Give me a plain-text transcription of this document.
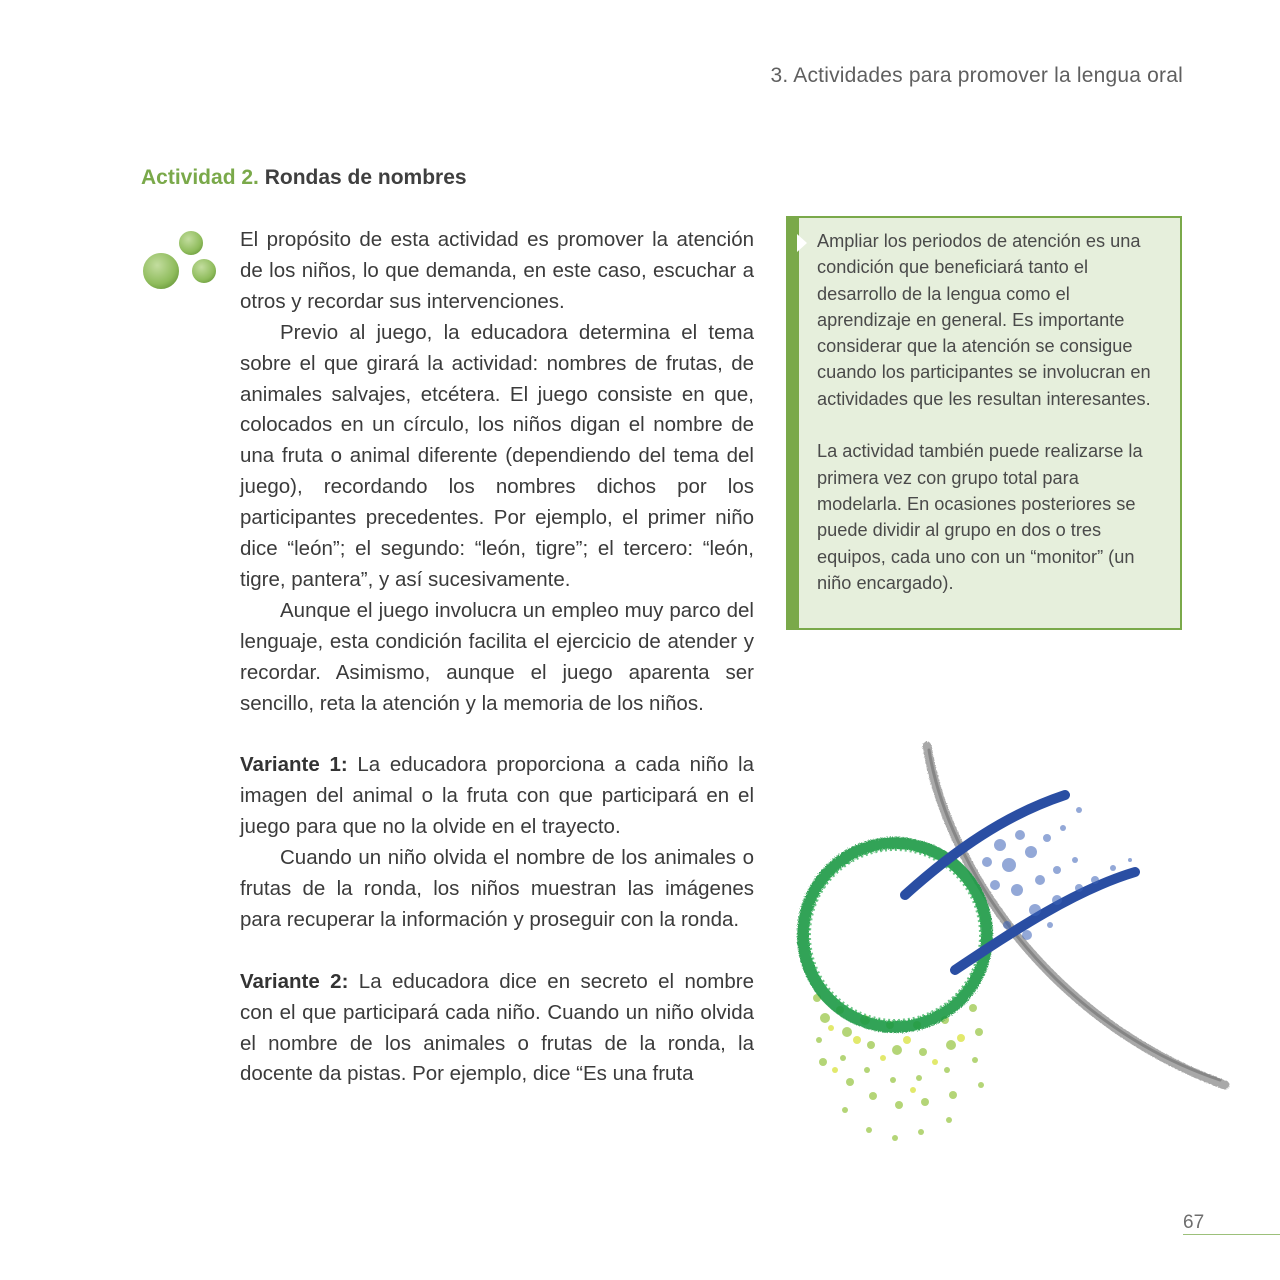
3. Actividades para promover la lengua oral
Actividad 2. Rondas de nombres

El propósito de esta actividad es promover la atención de los niños, lo que demanda, en este caso, escuchar a otros y recordar sus intervenciones.

Previo al juego, la educadora determina el tema sobre el que girará la actividad: nombres de frutas, de animales salvajes, etcétera. El juego consiste en que, colocados en un círculo, los niños digan el nombre de una fruta o animal diferente (dependiendo del tema del juego), recordando los nombres dichos por los participantes precedentes. Por ejemplo, el primer niño dice “león”; el segundo: “león, tigre”; el tercero: “león, tigre, pantera”, y así sucesivamente.

Aunque el juego involucra un empleo muy parco del lenguaje, esta condición facilita el ejercicio de atender y recordar. Asimismo, aunque el juego aparenta ser sencillo, reta la atención y la memoria de los niños.

Variante 1: La educadora proporciona a cada niño la imagen del animal o la fruta con que participará en el juego para que no la olvide en el trayecto.

Cuando un niño olvida el nombre de los animales o frutas de la ronda, los niños muestran las imágenes para recuperar la información y proseguir con la ronda.

Variante 2: La educadora dice en secreto el nombre con el que participará cada niño. Cuando un niño olvida el nombre de los animales o frutas de la ronda, la docente da pistas. Por ejemplo, dice “Es una fruta

Ampliar los periodos de atención es una condición que beneficiará tanto el desarrollo de la lengua como el aprendizaje en general. Es importante considerar que la atención se consigue cuando los participantes se involucran en actividades que les resultan interesantes.

La actividad también puede realizarse la primera vez con grupo total para modelarla. En ocasiones posteriores se puede dividir al grupo en dos o tres equipos, cada uno con un “monitor” (un niño encargado).

67
